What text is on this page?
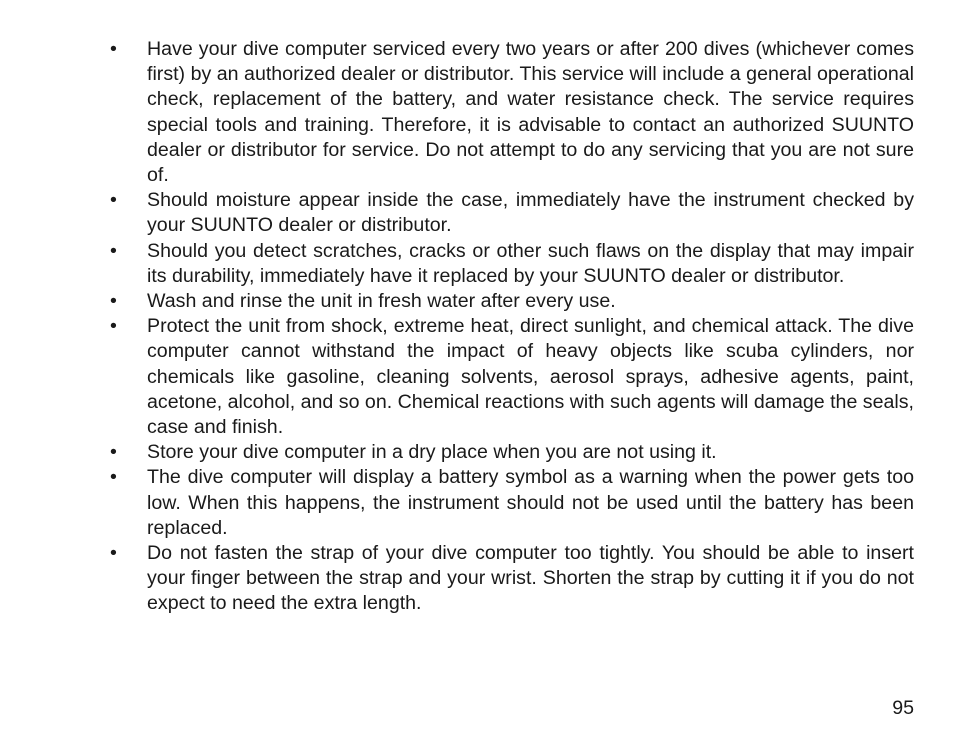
•	Have your dive computer serviced every two years or after 200 dives (whichever comes first) by an authorized dealer or distributor. This service will include a general operational check, replacement of the battery, and water resistance check. The service requires special tools and training. Therefore, it is advisable to contact an authorized SUUNTO dealer or distributor for service. Do not attempt to do any servicing that you are not sure of.
•	Should moisture appear inside the case, immediately have the instrument checked by your SUUNTO dealer or distributor.
•	Should you detect scratches, cracks or other such flaws on the display that may impair its durability, immediately have it replaced by your SUUNTO dealer or distributor.
•	Wash and rinse the unit in fresh water after every use.
•	Protect the unit from shock, extreme heat, direct sunlight, and chemical attack. The dive computer cannot withstand the impact of heavy objects like scuba cylinders, nor chemicals like gasoline, cleaning solvents, aerosol sprays, adhesive agents, paint, acetone, alcohol, and so on. Chemical reactions with such agents will damage the seals, case and finish.
•	Store your dive computer in a dry place when you are not using it.
•	The dive computer will display a battery symbol as a warning when the power gets too low. When this happens, the instrument should not be used until the battery has been replaced.
•	Do not fasten the strap of your dive computer too tightly. You should be able to insert your finger between the strap and your wrist. Shorten the strap by cutting it if you do not expect to need the extra length.
95
